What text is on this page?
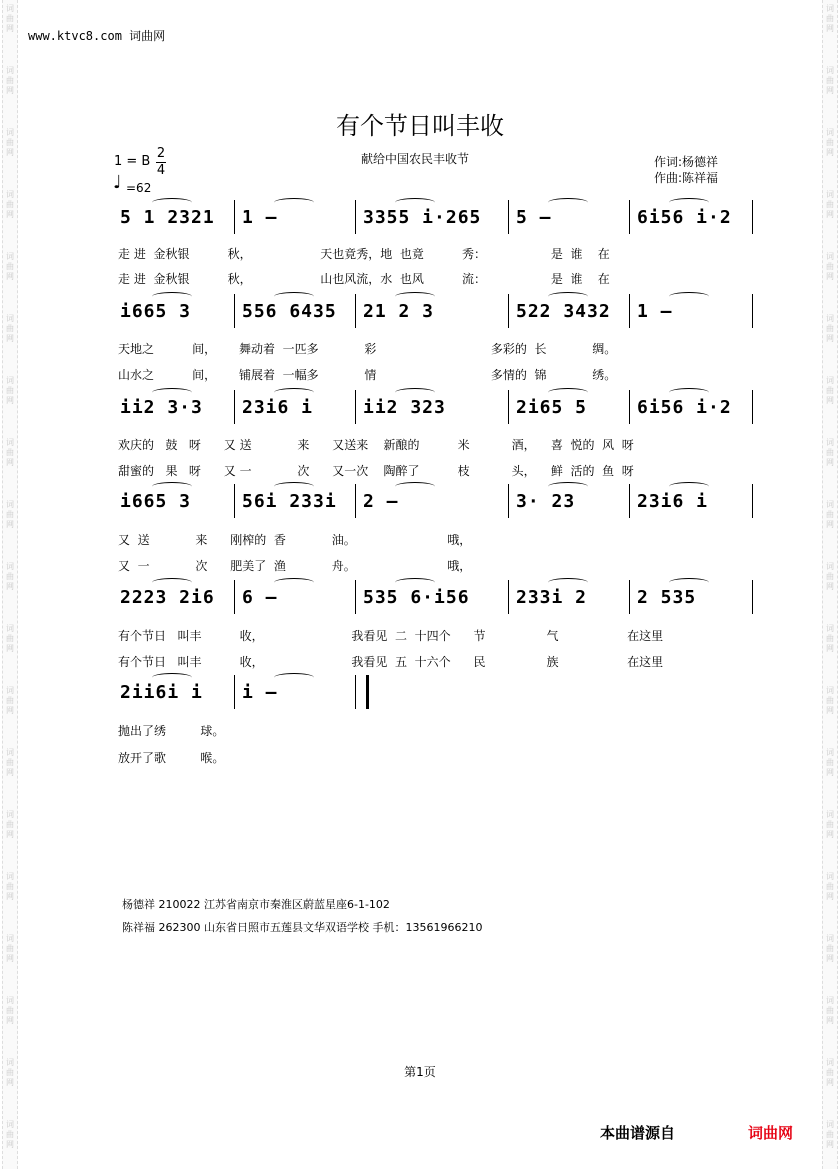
词
曲
网
词
曲
网
词
曲
网
词
曲
网
词
曲
网
词
曲
网
词
曲
网
词
曲
网
词
曲
网
词
曲
网
词
曲
网
词
曲
网
词
曲
网
词
曲
网
词
曲
网
词
曲
网
词
曲
网
词
曲
网
词
曲
网
词
曲
网
词
曲
网
词
曲
网
词
曲
网
词
曲
网
词
曲
网
词
曲
网
词
曲
网
词
曲
网
词
曲
网
词
曲
网
词
曲
网
词
曲
网
词
曲
网
词
曲
网
词
曲
网
词
曲
网
词
曲
网
词
曲
网
www.ktvc8.com 词曲网
有个节日叫丰收
1 = B
2
4
♩ =62
献给中国农民丰收节	作词:杨德祥
作曲:陈祥福
5 1 2321 1 –	3355 i·265 5 –	6i56 i·2
走 进  金秋银          秋，                  天也竟秀，地  也竟          秀：                 是  谁    在
走 进  金秋银          秋，                  山也风流，水  也风          流：                 是  谁    在
i665 3	556 6435 21 2 3	522 3432 1 –
天地之          间，      舞动着  一匹多            彩                              多彩的  长            绸。
山水之          间，      铺展着  一幅多            情                              多情的  锦            绣。
ii2 3·3 23i6 i	ii2 323	2i65 5	6i56 i·2
欢庆的   鼓   呀      又 送            来      又送来    新酿的          米           酒，    喜  悦的  风  呀
甜蜜的   果   呀      又 一            次      又一次    陶醉了          枝           头，    鲜  活的  鱼  呀
i665 3	56i 233i 2 –	3· 23	23i6 i
又  送            来      刚榨的  香            油。                        哦，
又  一            次      肥美了  渔            舟。                        哦，
2223 2i6 6 –	535 6·i56	233i 2	2 535
有个节日   叫丰          收，                       我看见  二  十四个      节                气                  在这里
有个节日   叫丰          收，                       我看见  五  十六个      民                族                  在这里
2ii6i i i –
抛出了绣         球。
放开了歌         喉。
杨德祥 210022 江苏省南京市秦淮区蔚蓝星座6-1-102
陈祥福 262300 山东省日照市五莲县文华双语学校 手机：13561966210
第1页
本曲谱源自	词曲网
